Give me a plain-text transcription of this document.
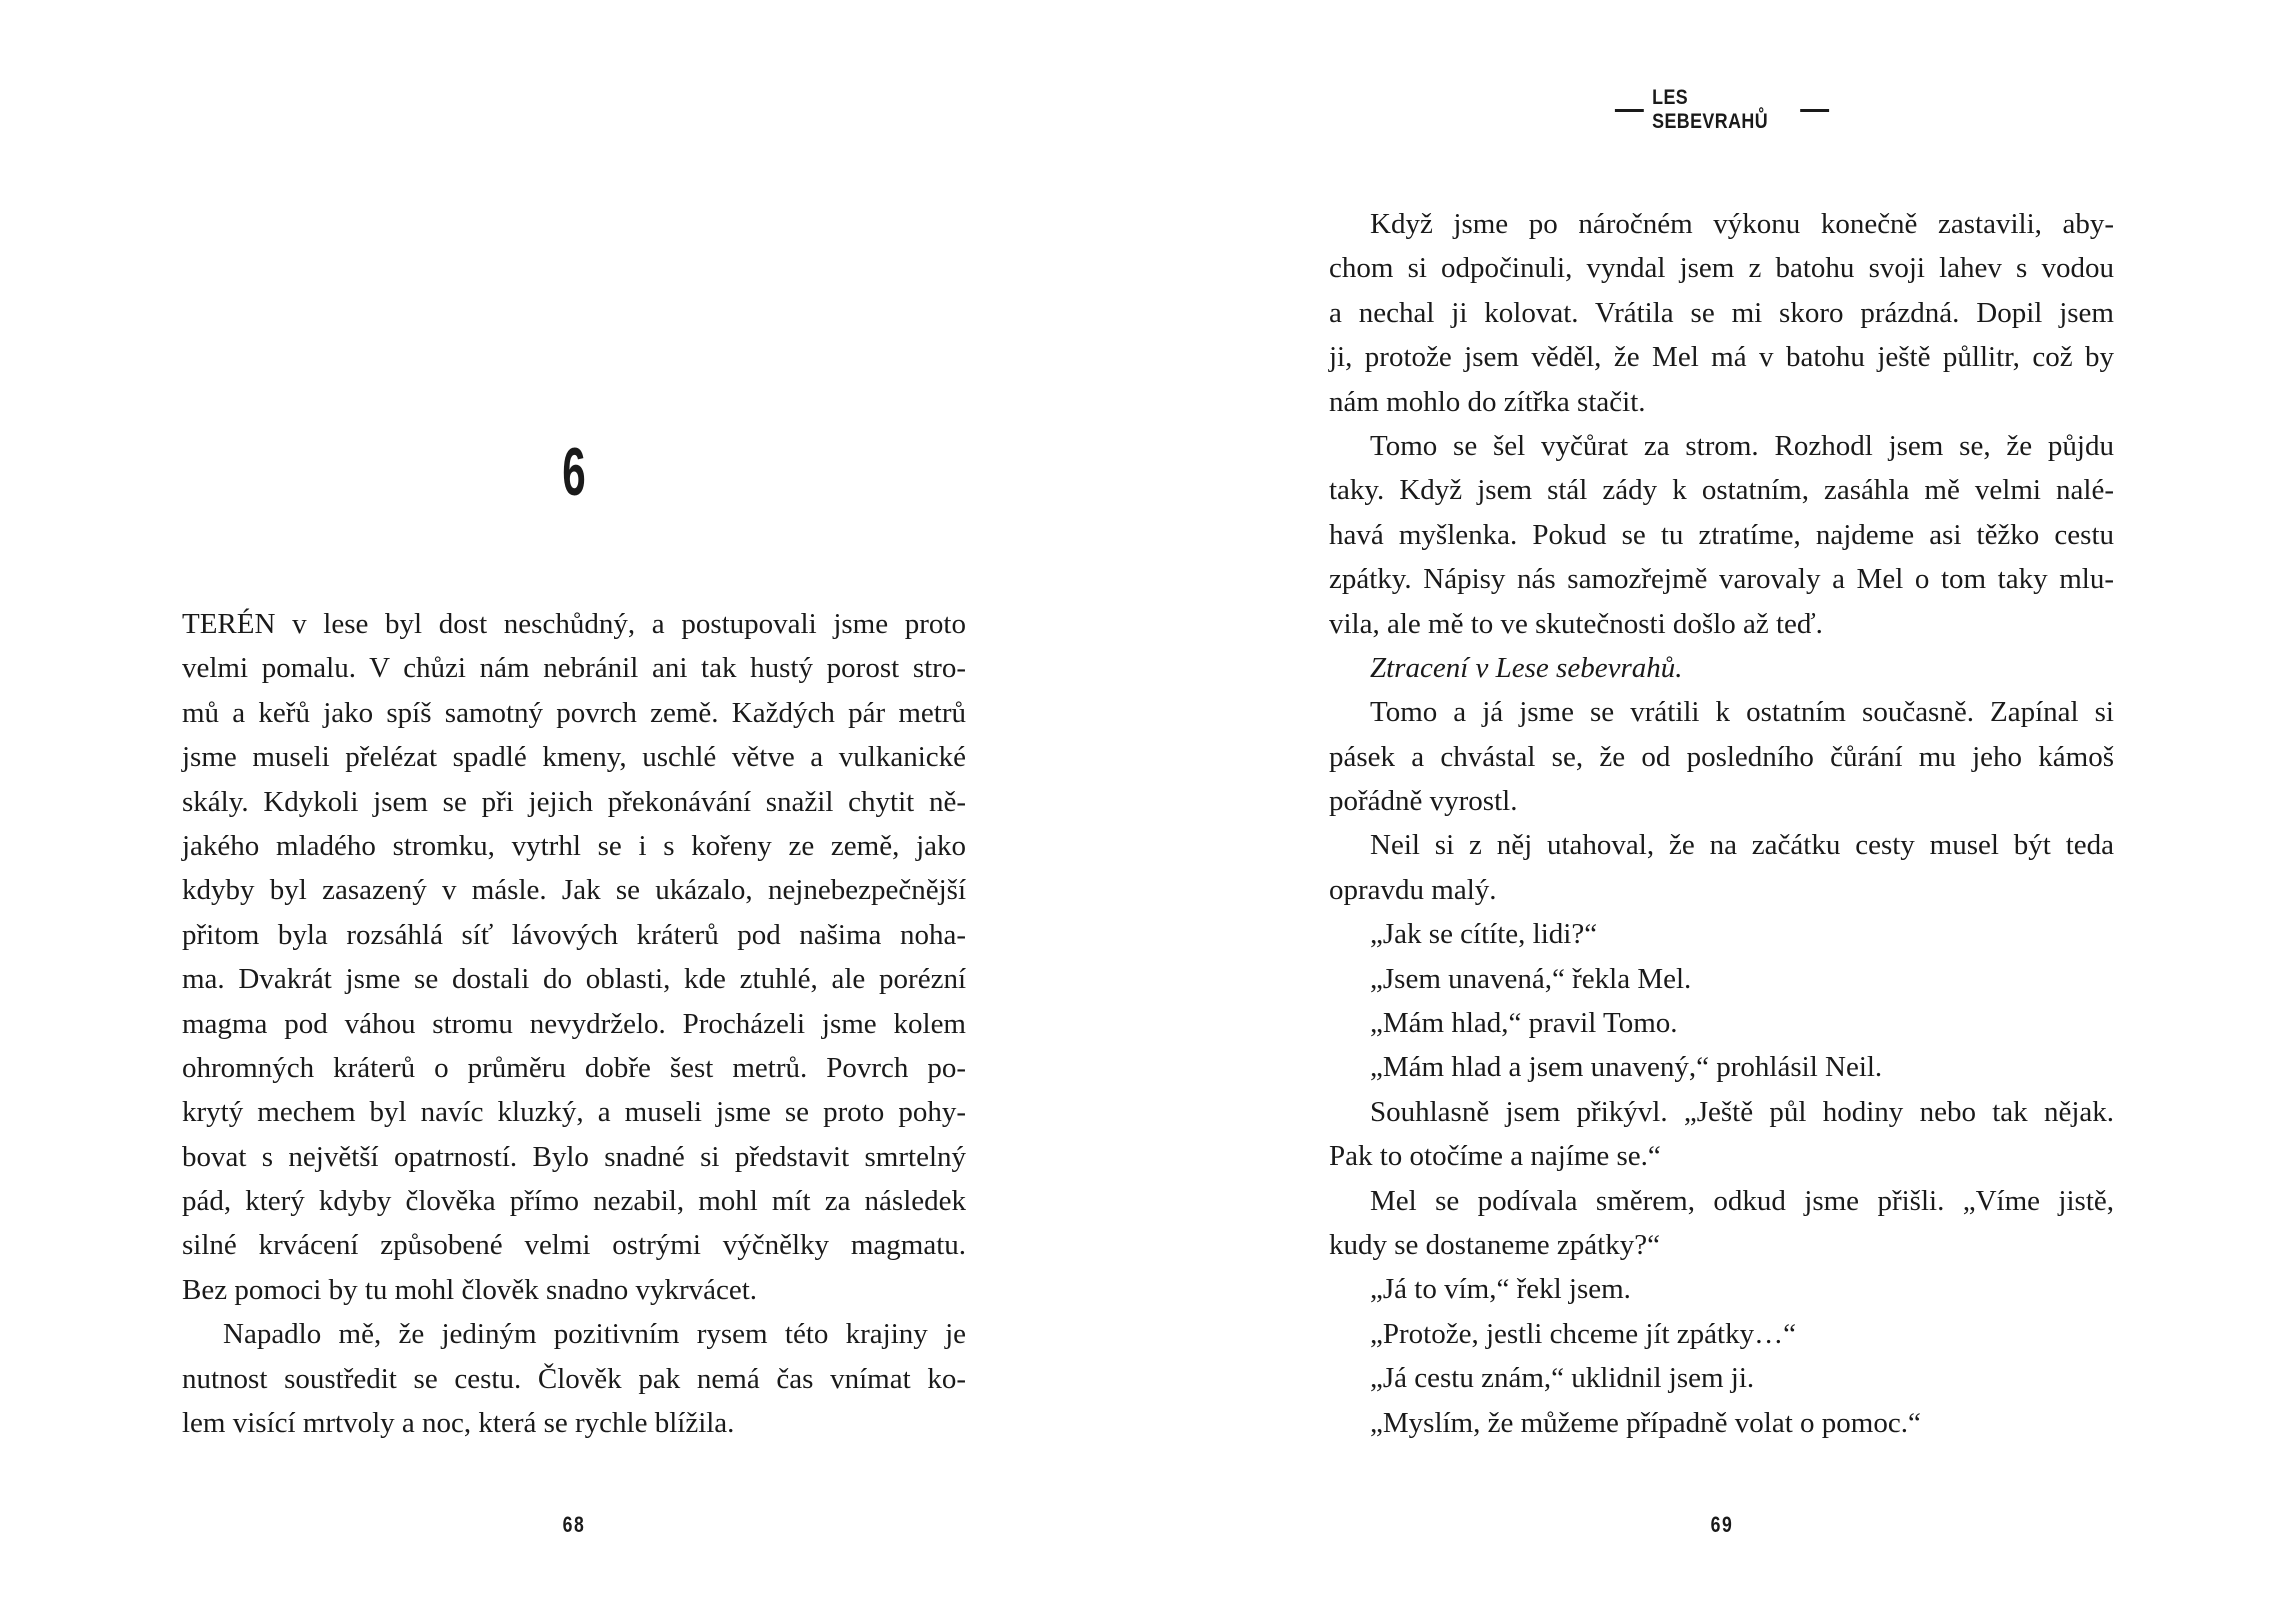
LES SEBEVRAHŮ
6
TERÉN v lese byl dost neschůdný, a postupovali jsme proto
velmi pomalu. V chůzi nám nebránil ani tak hustý porost stro-
mů a keřů jako spíš samotný povrch země. Každých pár metrů
jsme museli přelézat spadlé kmeny, uschlé větve a vulkanické
skály. Kdykoli jsem se při jejich překonávání snažil chytit ně-
jakého mladého stromku, vytrhl se i s kořeny ze země, jako
kdyby byl zasazený v másle. Jak se ukázalo, nejnebezpečnější
přitom byla rozsáhlá síť lávových kráterů pod našima noha-
ma. Dvakrát jsme se dostali do oblasti, kde ztuhlé, ale porézní
magma pod váhou stromu nevydrželo. Procházeli jsme kolem
ohromných kráterů o průměru dobře šest metrů. Povrch po-
krytý mechem byl navíc kluzký, a museli jsme se proto pohy-
bovat s největší opatrností. Bylo snadné si představit smrtelný
pád, který kdyby člověka přímo nezabil, mohl mít za následek
silné krvácení způsobené velmi ostrými výčnělky magmatu.
Bez pomoci by tu mohl člověk snadno vykrvácet.
Napadlo mě, že jediným pozitivním rysem této krajiny je
nutnost soustředit se cestu. Člověk pak nemá čas vnímat ko-
lem visící mrtvoly a noc, která se rychle blížila.
Když jsme po náročném výkonu konečně zastavili, aby-
chom si odpočinuli, vyndal jsem z batohu svoji lahev s vodou
a nechal ji kolovat. Vrátila se mi skoro prázdná. Dopil jsem
ji, protože jsem věděl, že Mel má v batohu ještě půllitr, což by
nám mohlo do zítřka stačit.
Tomo se šel vyčůrat za strom. Rozhodl jsem se, že půjdu
taky. Když jsem stál zády k ostatním, zasáhla mě velmi nalé-
havá myšlenka. Pokud se tu ztratíme, najdeme asi těžko cestu
zpátky. Nápisy nás samozřejmě varovaly a Mel o tom taky mlu-
vila, ale mě to ve skutečnosti došlo až teď.
Ztracení v Lese sebevrahů.
Tomo a já jsme se vrátili k ostatním současně. Zapínal si
pásek a chvástal se, že od posledního čůrání mu jeho kámoš
pořádně vyrostl.
Neil si z něj utahoval, že na začátku cesty musel být teda
opravdu malý.
„Jak se cítíte, lidi?“
„Jsem unavená,“ řekla Mel.
„Mám hlad,“ pravil Tomo.
„Mám hlad a jsem unavený,“ prohlásil Neil.
Souhlasně jsem přikývl. „Ještě půl hodiny nebo tak nějak.
Pak to otočíme a najíme se.“
Mel se podívala směrem, odkud jsme přišli. „Víme jistě,
kudy se dostaneme zpátky?“
„Já to vím,“ řekl jsem.
„Protože, jestli chceme jít zpátky…“
„Já cestu znám,“ uklidnil jsem ji.
„Myslím, že můžeme případně volat o pomoc.“
68	69
